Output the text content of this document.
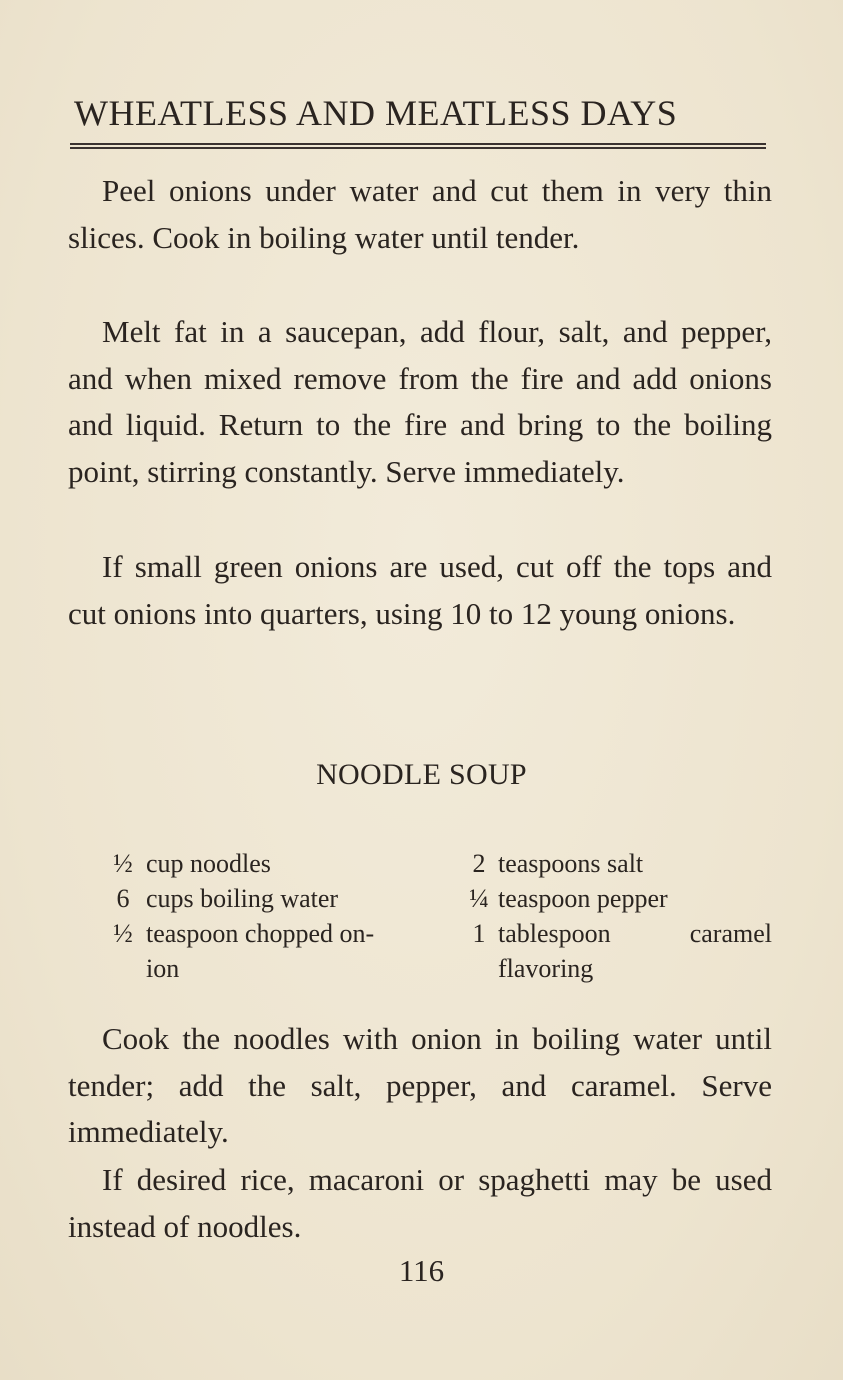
WHEATLESS AND MEATLESS DAYS

Peel onions under water and cut them in very thin slices. Cook in boiling water until tender.

Melt fat in a saucepan, add flour, salt, and pepper, and when mixed remove from the fire and add onions and liquid. Return to the fire and bring to the boiling point, stirring constantly. Serve immediately.

If small green onions are used, cut off the tops and cut onions into quarters, using 10 to 12 young onions.

NOODLE SOUP
½ cup noodles
6 cups boiling water
½ teaspoon chopped on-
ion
2 teaspoons salt
¼ teaspoon pepper
1 tablespoon caramel
flavoring

Cook the noodles with onion in boiling water until tender; add the salt, pepper, and caramel. Serve immediately.

If desired rice, macaroni or spaghetti may be used instead of noodles.

116
